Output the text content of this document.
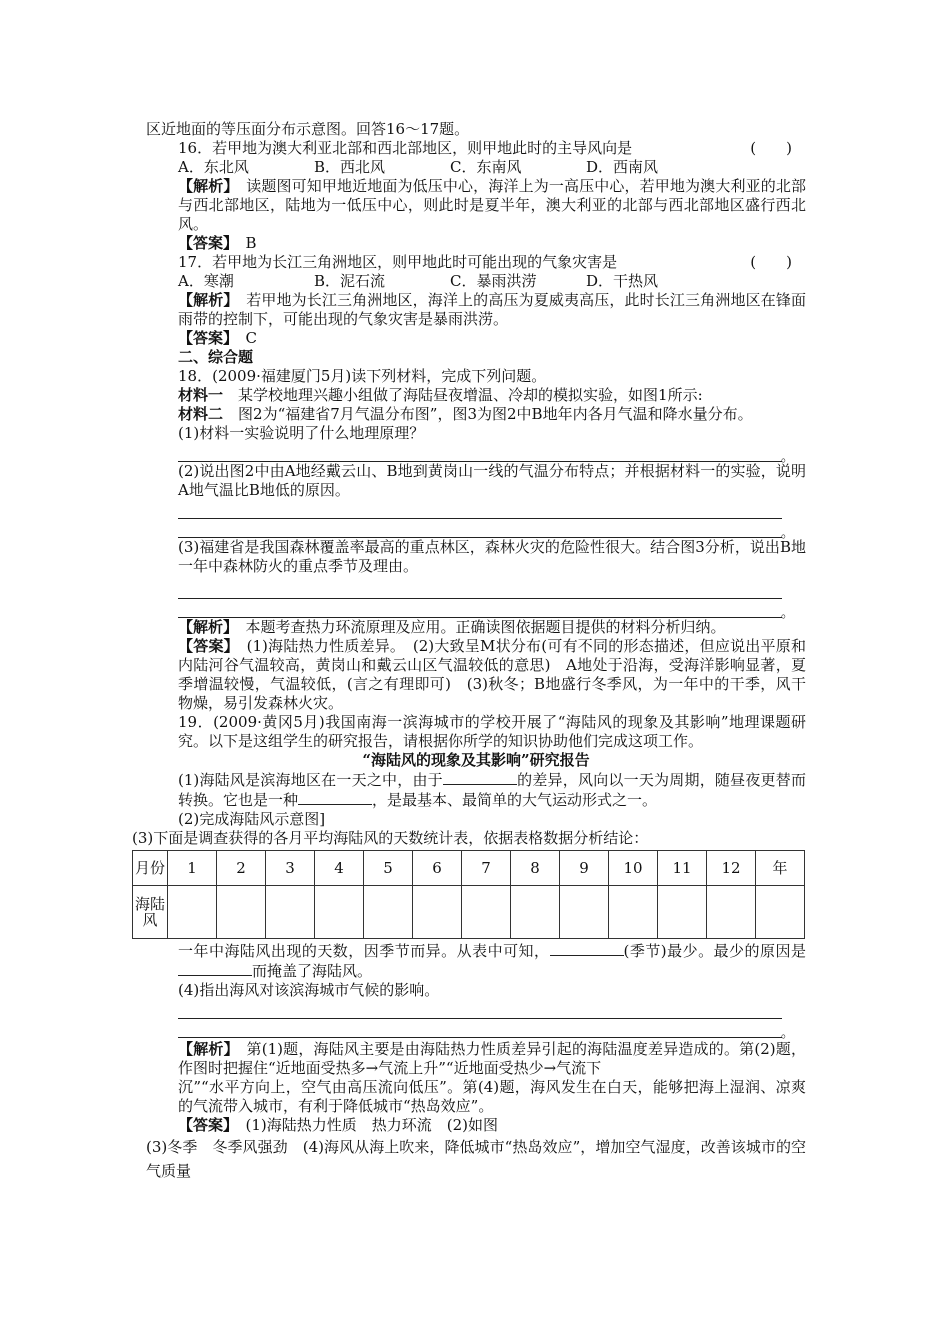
区近地面的等压面分布示意图。回答16～17题。
16．若甲地为澳大利亚北部和西北部地区，则甲地此时的主导风向是	(　　)
A．东北风	B．西北风	C．东南风	D．西南风
【解析】　 读题图可知甲地近地面为低压中心，海洋上为一高压中心，若甲地为澳大利亚的北部与西北部地区，陆地为一低压中心，则此时是夏半年，澳大利亚的北部与西北部地区盛行西北风。
【答案】　 B
17．若甲地为长江三角洲地区，则甲地此时可能出现的气象灾害是	(　　)
A．寒潮	B．泥石流	C．暴雨洪涝	D．干热风
【解析】　 若甲地为长江三角洲地区，海洋上的高压为夏威夷高压，此时长江三角洲地区在锋面雨带的控制下，可能出现的气象灾害是暴雨洪涝。
【答案】　 C
二、综合题
18．(2009·福建厦门5月)读下列材料，完成下列问题。
材料一　 某学校地理兴趣小组做了海陆昼夜增温、冷却的模拟实验，如图1所示:
材料二　 图2为“福建省7月气温分布图”，图3为图2中B地年内各月气温和降水量分布。
(1)材料一实验说明了什么地理原理？
。
(2)说出图2中由A地经戴云山、B地到黄岗山一线的气温分布特点；并根据材料一的实验，说明A地气温比B地低的原因。
。
(3)福建省是我国森林覆盖率最高的重点林区，森林火灾的危险性很大。结合图3分析，说出B地一年中森林防火的重点季节及理由。
。
【解析】　 本题考查热力环流原理及应用。正确读图依据题目提供的材料分析归纳。
【答案】　 (1)海陆热力性质差异。　(2)大致呈M状分布(可有不同的形态描述，但应说出平原和内陆河谷气温较高，黄岗山和戴云山区气温较低的意思)　A地处于沿海，受海洋影响显著，夏季增温较慢，气温较低，(言之有理即可)　(3)秋冬；B地盛行冬季风，为一年中的干季，风干物燥，易引发森林火灾。
19．(2009·黄冈5月)我国南海一滨海城市的学校开展了“海陆风的现象及其影响”地理课题研究。以下是这组学生的研究报告，请根据你所学的知识协助他们完成这项工作。
“海陆风的现象及其影响”研究报告
(1)海陆风是滨海地区在一天之中，由于	的差异，风向以一天为周期，随昼夜更替而转换。它也是一种	，是最基本、最简单的大气运动形式之一。
(2)完成海陆风示意图]
(3)下面是调查获得的各月平均海陆风的天数统计表，依据表格数据分析结论：
月份	1	2	3	4	5	6	7	8	9	10	11	12	年
海陆风													
一年中海陆风出现的天数，因季节而异。从表中可知，	(季节)最少。最少的原因是而掩盖了海陆风。
(4)指出海风对该滨海城市气候的影响。
。
【解析】　 第(1)题，海陆风主要是由海陆热力性质差异引起的海陆温度差异造成的。第(2)题，作图时把握住“近地面受热多→气流上升”“近地面受热少→气流下
沉”“水平方向上，空气由高压流向低压”。第(4)题，海风发生在白天，能够把海上湿润、凉爽的气流带入城市，有利于降低城市“热岛效应”。
【答案】　 (1)海陆热力性质　热力环流　(2)如图
(3)冬季　冬季风强劲　(4)海风从海上吹来，降低城市“热岛效应”，增加空气湿度，改善该城市的空气质量
